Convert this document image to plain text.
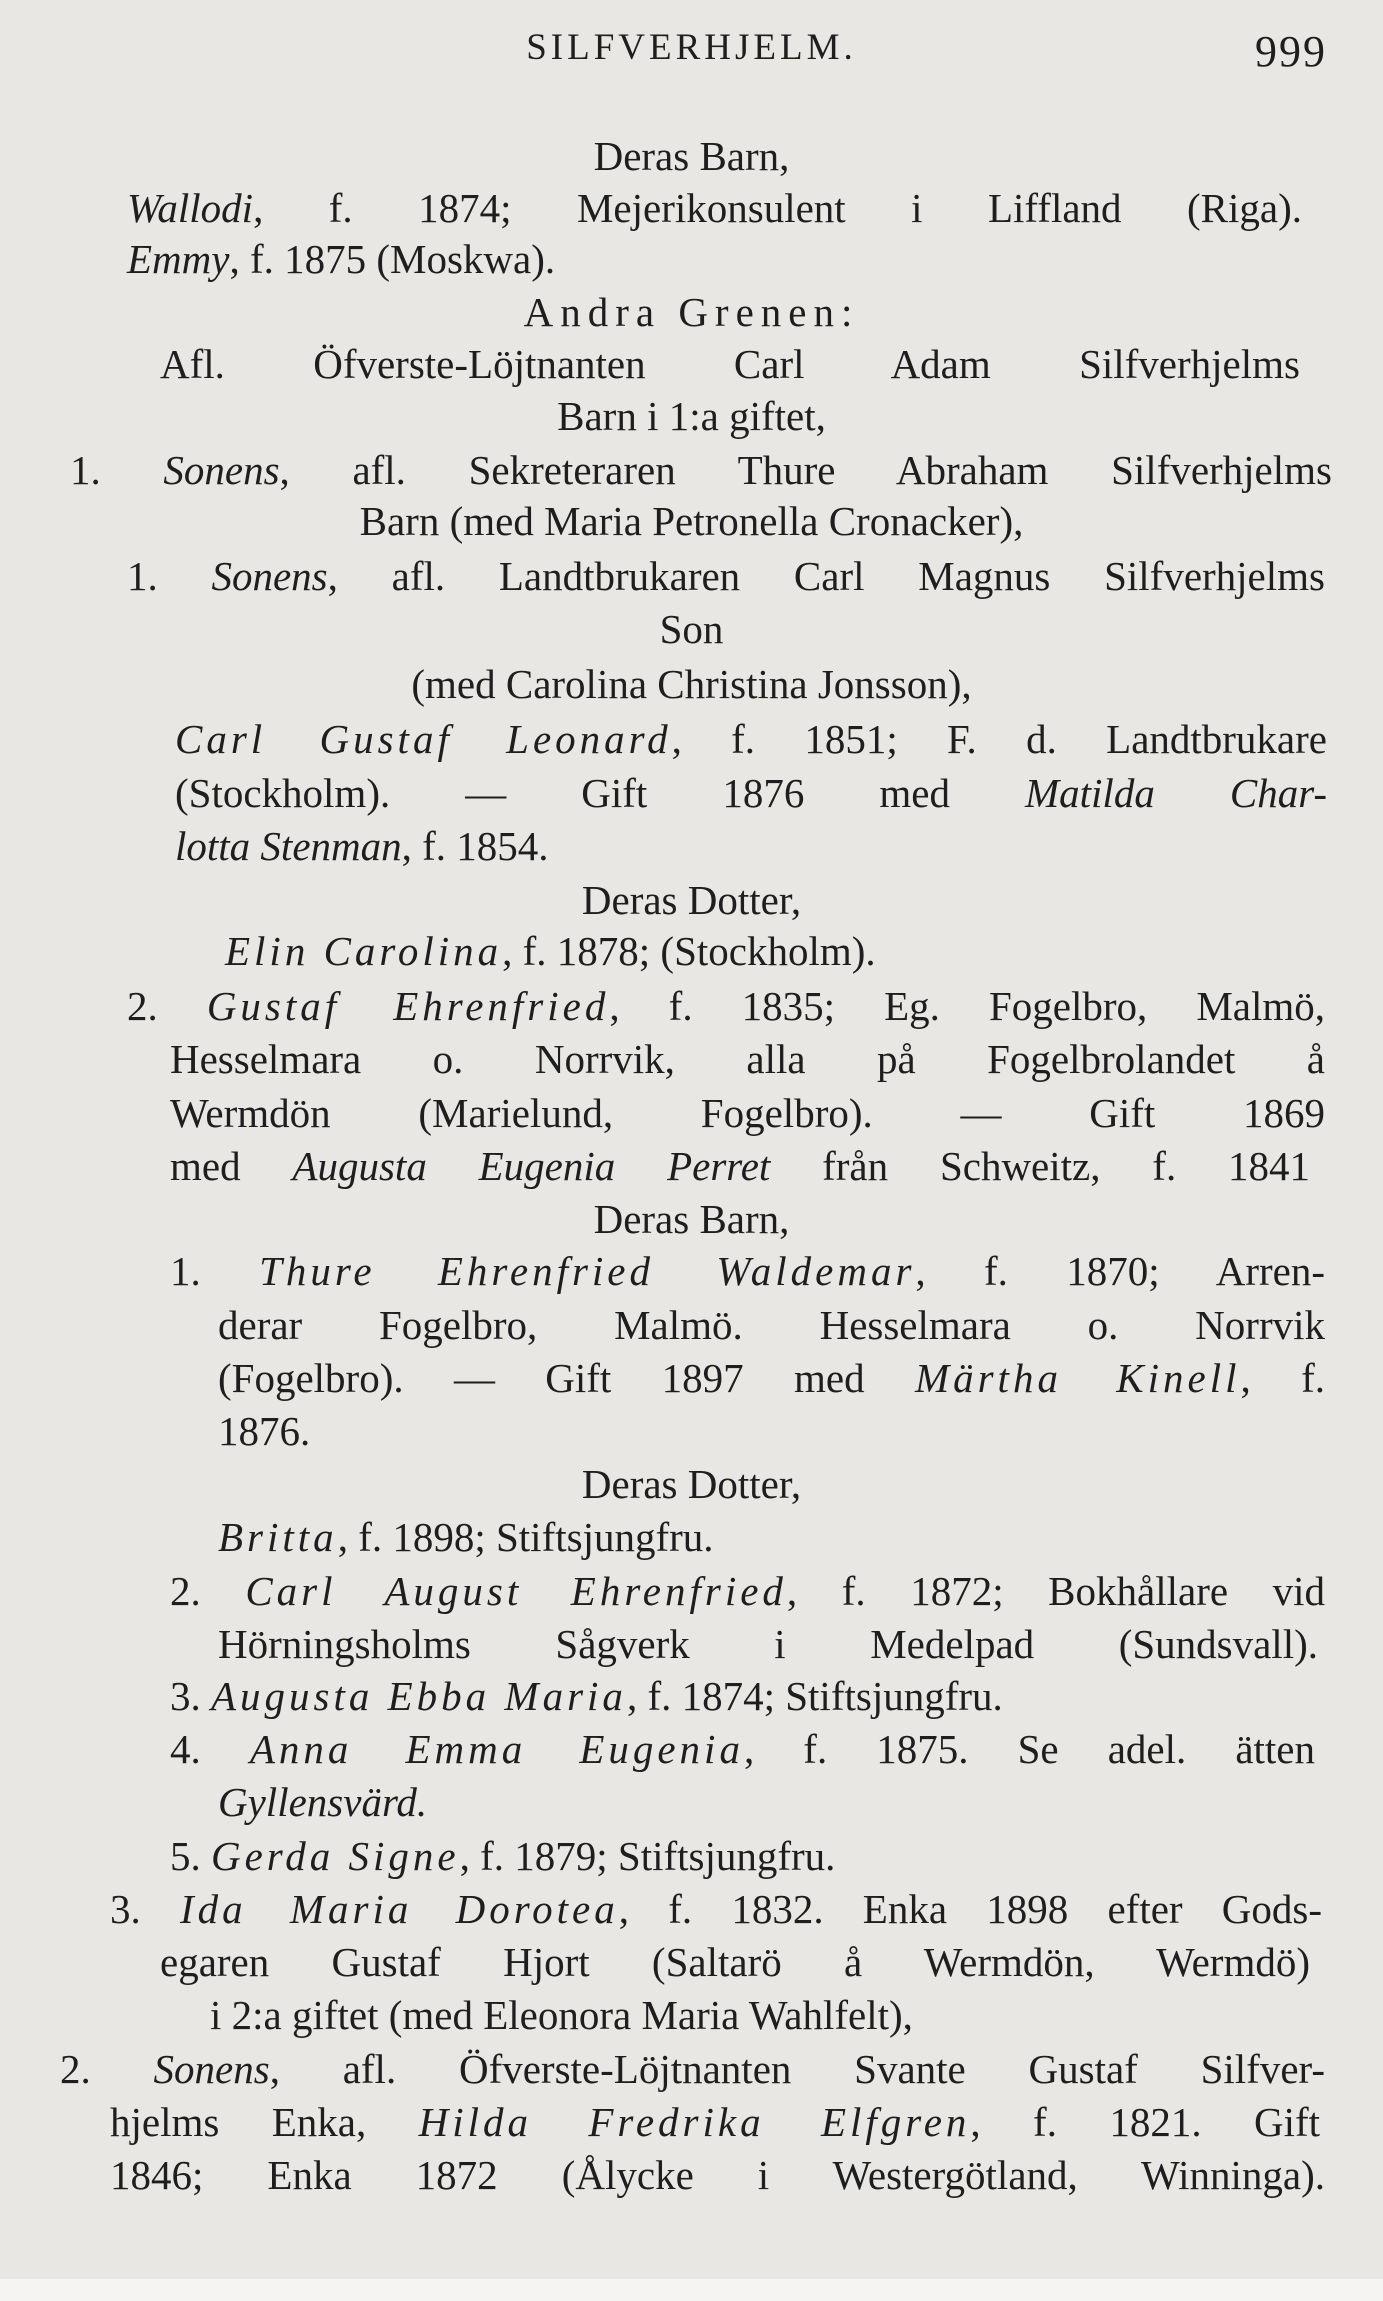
SILFVERHJELM.	999
Deras Barn,
Wallodi, f. 1874; Mejerikonsulent i Liffland (Riga).
Emmy, f. 1875 (Moskwa).
Andra Grenen:
Afl. Öfverste-Löjtnanten Carl Adam Silfverhjelms
Barn i 1:a giftet,
1. Sonens, afl. Sekreteraren Thure Abraham Silfverhjelms
Barn (med Maria Petronella Cronacker),
1. Sonens, afl. Landtbrukaren Carl Magnus Silfverhjelms
Son
(med Carolina Christina Jonsson),
Carl Gustaf Leonard, f. 1851; F. d. Landtbrukare
(Stockholm). — Gift 1876 med Matilda Char-
lotta Stenman, f. 1854.
Deras Dotter,
Elin Carolina, f. 1878; (Stockholm).
2. Gustaf Ehrenfried, f. 1835; Eg. Fogelbro, Malmö,
Hesselmara o. Norrvik, alla på Fogelbrolandet å
Wermdön (Marielund, Fogelbro). — Gift 1869
med Augusta Eugenia Perret från Schweitz, f. 1841
Deras Barn,
1. Thure Ehrenfried Waldemar, f. 1870; Arren-
derar Fogelbro, Malmö. Hesselmara o. Norrvik
(Fogelbro). — Gift 1897 med Märtha Kinell, f.
1876.
Deras Dotter,
Britta, f. 1898; Stiftsjungfru.
2. Carl August Ehrenfried, f. 1872; Bokhållare vid
Hörningsholms Sågverk i Medelpad (Sundsvall).
3. Augusta Ebba Maria, f. 1874; Stiftsjungfru.
4. Anna Emma Eugenia, f. 1875. Se adel. ätten
Gyllensvärd.
5. Gerda Signe, f. 1879; Stiftsjungfru.
3. Ida Maria Dorotea, f. 1832. Enka 1898 efter Gods-
egaren Gustaf Hjort (Saltarö å Wermdön, Wermdö)
i 2:a giftet (med Eleonora Maria Wahlfelt),
2. Sonens, afl. Öfverste-Löjtnanten Svante Gustaf Silfver-
hjelms Enka, Hilda Fredrika Elfgren, f. 1821. Gift
1846; Enka 1872 (Ålycke i Westergötland, Winninga).
